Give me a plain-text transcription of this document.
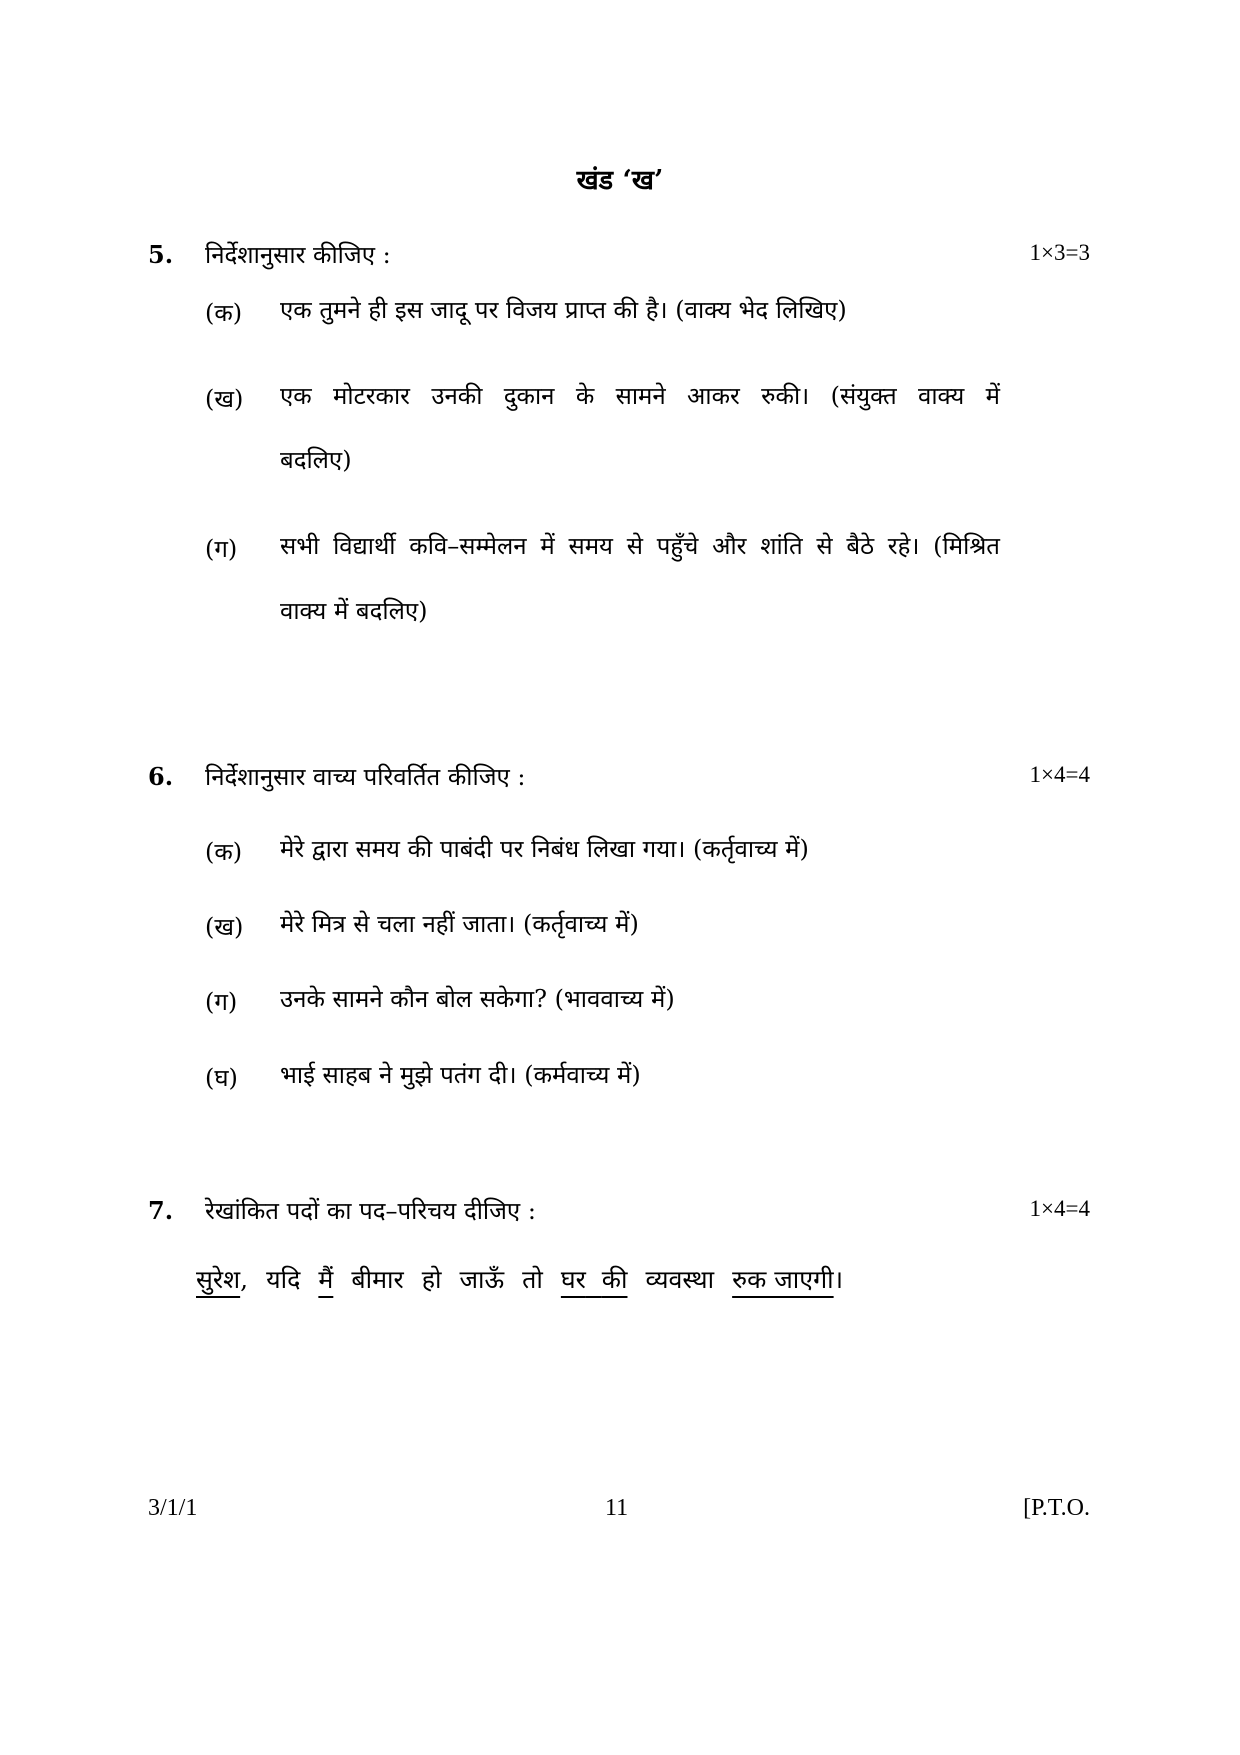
खंड ‘ख’
5. निर्देशानुसार कीजिए :	1×3=3
(क) एक तुमने ही इस जादू पर विजय प्राप्त की है। (वाक्य भेद लिखिए)
(ख) एक मोटरकार उनकी दुकान के सामने आकर रुकी। (संयुक्त वाक्य में
बदलिए)
(ग) सभी विद्यार्थी कवि–सम्मेलन में समय से पहुँचे और शांति से बैठे रहे। (मिश्रित
वाक्य में बदलिए)
6. निर्देशानुसार वाच्य परिवर्तित कीजिए :	1×4=4
(क) मेरे द्वारा समय की पाबंदी पर निबंध लिखा गया। (कर्तृवाच्य में)
(ख) मेरे मित्र से चला नहीं जाता। (कर्तृवाच्य में)
(ग) उनके सामने कौन बोल सकेगा? (भाववाच्य में)
(घ) भाई साहब ने मुझे पतंग दी। (कर्मवाच्य में)
7. रेखांकित पदों का पद–परिचय दीजिए :	1×4=4
सुरेश, यदि मैं बीमार हो जाऊँ तो घर की व्यवस्था रुक जाएगी।
3/1/1	11	[P.T.O.
